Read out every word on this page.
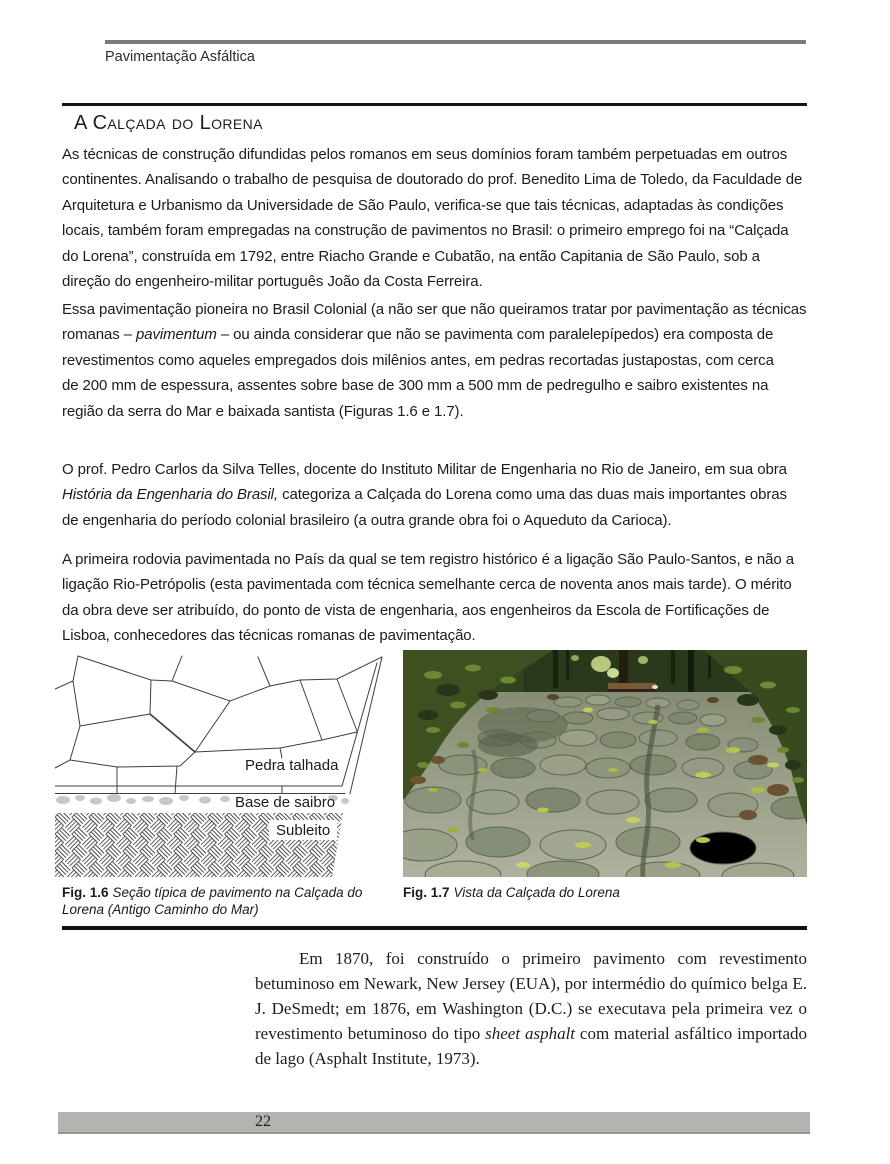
Pavimentação Asfáltica
A Calçada do Lorena

As técnicas de construção difundidas pelos romanos em seus domínios foram também perpetuadas em outros continentes. Analisando o trabalho de pesquisa de doutorado do prof. Benedito Lima de Toledo, da Faculdade de Arquitetura e Urbanismo da Universidade de São Paulo, verifica-se que tais técnicas, adaptadas às condições locais, também foram empregadas na construção de pavimentos no Brasil: o primeiro emprego foi na “Calçada do Lorena”, construída em 1792, entre Riacho Grande e Cubatão, na então Capitania de São Paulo, sob a direção do engenheiro-militar português João da Costa Ferreira.

Essa pavimentação pioneira no Brasil Colonial (a não ser que não queiramos tratar por pavimentação as técnicas romanas – pavimentum – ou ainda considerar que não se pavimenta com paralelepípedos) era composta de revestimentos como aqueles empregados dois milênios antes, em pedras recortadas justapostas, com cerca
de 200 mm de espessura, assentes sobre base de 300 mm a 500 mm de pedregulho e saibro existentes na região da serra do Mar e baixada santista (Figuras 1.6 e 1.7).

O prof. Pedro Carlos da Silva Telles, docente do Instituto Militar de Engenharia no Rio de Janeiro, em sua obra História da Engenharia do Brasil, categoriza a Calçada do Lorena como uma das duas mais importantes obras de engenharia do período colonial brasileiro (a outra grande obra foi o Aqueduto da Carioca).

A primeira rodovia pavimentada no País da qual se tem registro histórico é a ligação São Paulo-Santos, e não a ligação Rio-Petrópolis (esta pavimentada com técnica semelhante cerca de noventa anos mais tarde). O mérito da obra deve ser atribuído, do ponto de vista de engenharia, aos engenheiros da Escola de Fortificações de Lisboa, conhecedores das técnicas romanas de pavimentação.

Pedra talhada
Base de saibro
Subleito
Fig. 1.6 Seção típica de pavimento na Calçada do Lorena (Antigo Caminho do Mar)
Fig. 1.7 Vista da Calçada do Lorena

Em 1870, foi construído o primeiro pavimento com revestimento betuminoso em Newark, New Jersey (EUA), por intermédio do químico belga E. J. DeSmedt; em 1876, em Washington (D.C.) se executava pela primeira vez o revestimento betuminoso do tipo sheet asphalt com material asfáltico importado de lago (Asphalt Institute, 1973).

22
